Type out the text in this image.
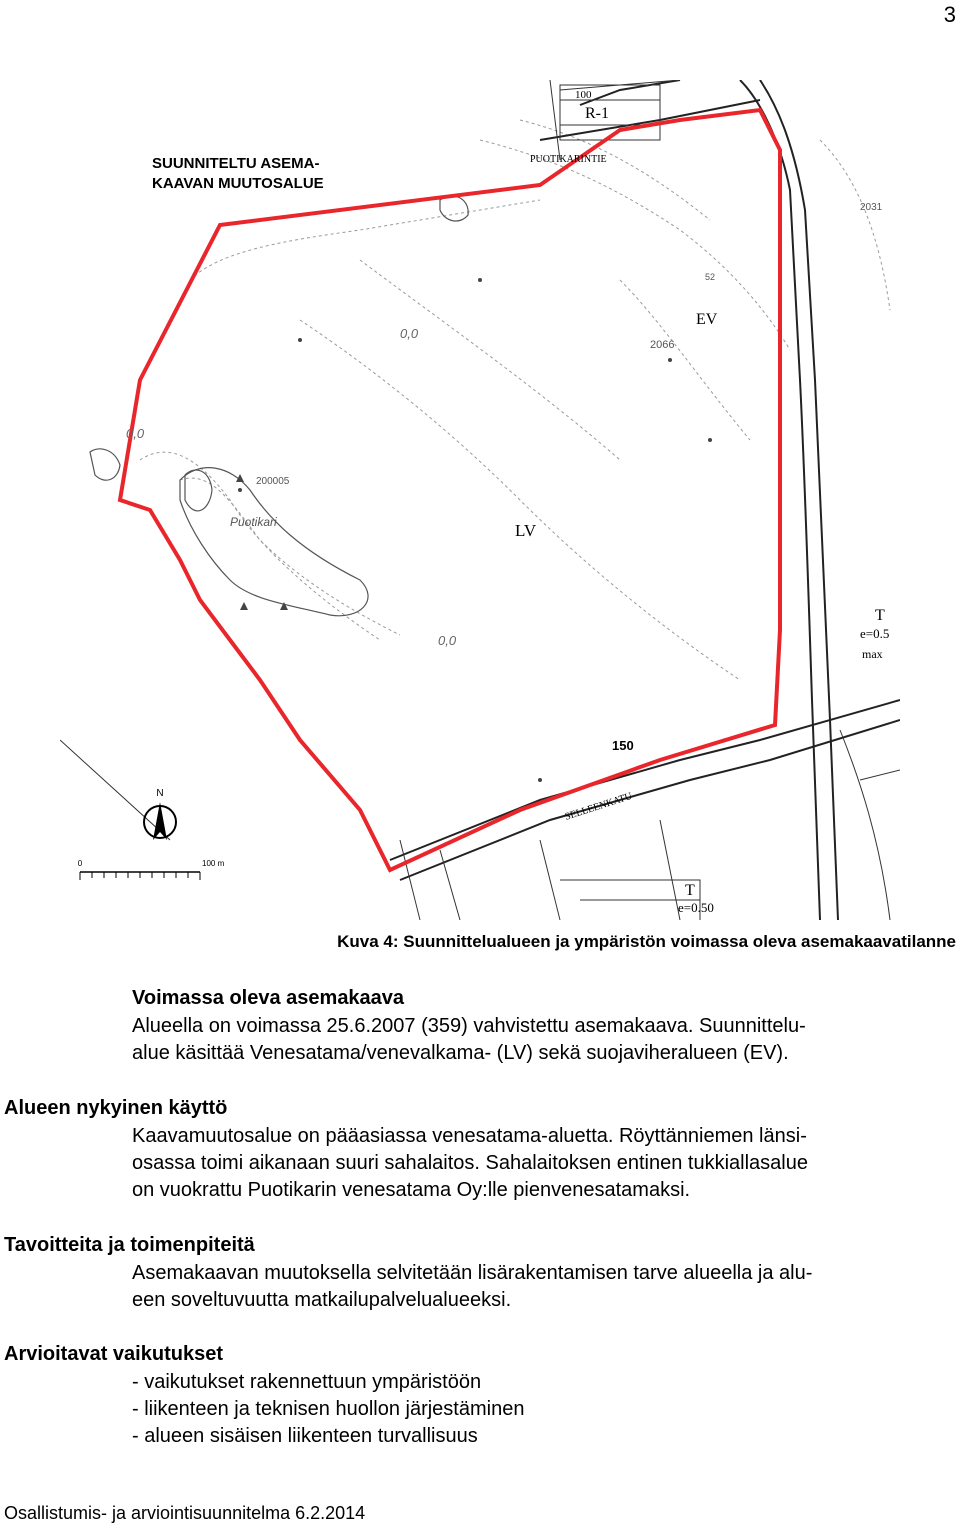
3
N
0	100 m
SUUNNITELTU ASEMA-
KAAVAN MUUTOSALUE
LV
EV
R-1
100
PUOTIKARINTIE
SELLEENKATU
Puotikari
200005
2066
2031
52
0,0
0,0
0,0
150
T
e=0.5
max
T
e=0.50
Kuva 4: Suunnittelualueen ja ympäristön voimassa oleva asemakaavatilanne
Voimassa oleva asemakaava

Alueella on voimassa 25.6.2007 (359) vahvistettu asemakaava. Suunnittelu-
alue käsittää Venesatama/venevalkama- (LV) sekä suojaviheralueen (EV).

Alueen nykyinen käyttö

Kaavamuutosalue on pääasiassa venesatama-aluetta. Röyttänniemen länsi-
osassa toimi aikanaan suuri sahalaitos. Sahalaitoksen entinen tukkiallasalue
on vuokrattu Puotikarin venesatama Oy:lle pienvenesatamaksi.

Tavoitteita ja toimenpiteitä

Asemakaavan muutoksella selvitetään lisärakentamisen tarve alueella ja alu-
een soveltuvuutta matkailupalvelualueeksi.

Arvioitavat vaikutukset
- vaikutukset rakennettuun ympäristöön
- liikenteen ja teknisen huollon järjestäminen
- alueen sisäisen liikenteen turvallisuus
Osallistumis- ja arviointisuunnitelma 6.2.2014
